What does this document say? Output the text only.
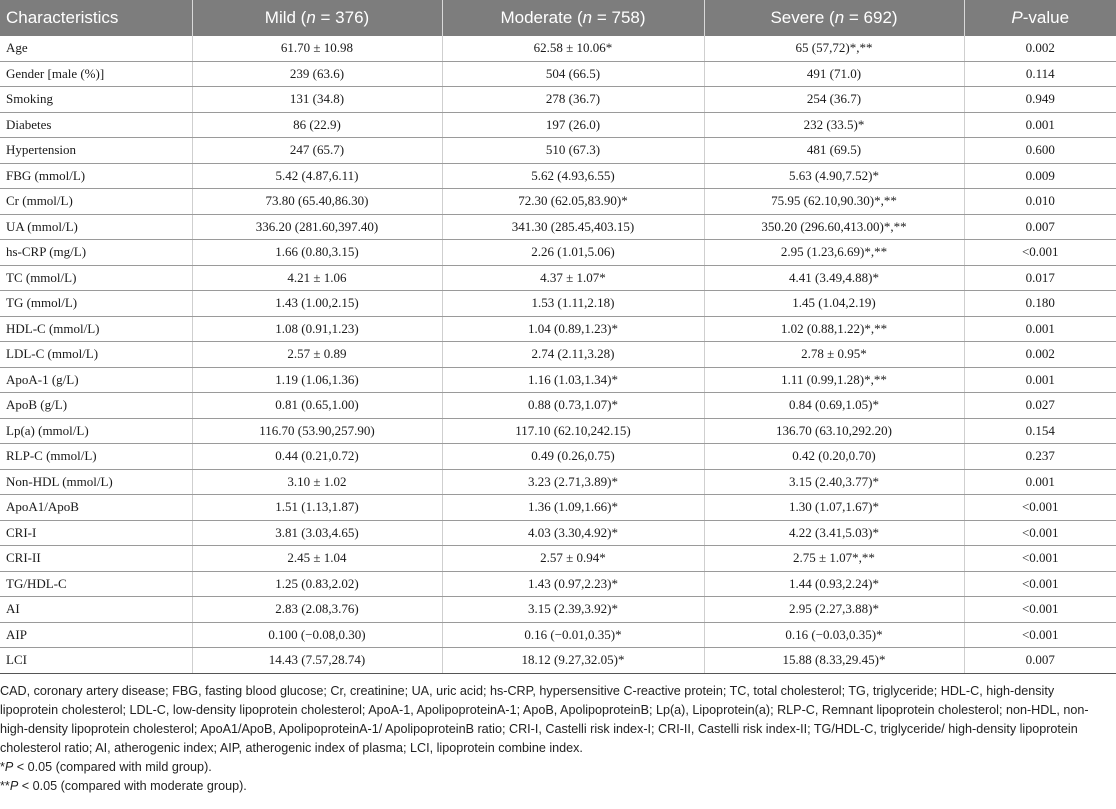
Characteristics	Mild (n = 376)	Moderate (n = 758)	Severe (n = 692)	P-value
Age	61.70 ± 10.98	62.58 ± 10.06*	65 (57,72)*,**	0.002
Gender [male (%)]	239 (63.6)	504 (66.5)	491 (71.0)	0.114
Smoking	131 (34.8)	278 (36.7)	254 (36.7)	0.949
Diabetes	86 (22.9)	197 (26.0)	232 (33.5)*	0.001
Hypertension	247 (65.7)	510 (67.3)	481 (69.5)	0.600
FBG (mmol/L)	5.42 (4.87,6.11)	5.62 (4.93,6.55)	5.63 (4.90,7.52)*	0.009
Cr (mmol/L)	73.80 (65.40,86.30)	72.30 (62.05,83.90)*	75.95 (62.10,90.30)*,**	0.010
UA (mmol/L)	336.20 (281.60,397.40)	341.30 (285.45,403.15)	350.20 (296.60,413.00)*,**	0.007
hs-CRP (mg/L)	1.66 (0.80,3.15)	2.26 (1.01,5.06)	2.95 (1.23,6.69)*,**	<0.001
TC (mmol/L)	4.21 ± 1.06	4.37 ± 1.07*	4.41 (3.49,4.88)*	0.017
TG (mmol/L)	1.43 (1.00,2.15)	1.53 (1.11,2.18)	1.45 (1.04,2.19)	0.180
HDL-C (mmol/L)	1.08 (0.91,1.23)	1.04 (0.89,1.23)*	1.02 (0.88,1.22)*,**	0.001
LDL-C (mmol/L)	2.57 ± 0.89	2.74 (2.11,3.28)	2.78 ± 0.95*	0.002
ApoA-1 (g/L)	1.19 (1.06,1.36)	1.16 (1.03,1.34)*	1.11 (0.99,1.28)*,**	0.001
ApoB (g/L)	0.81 (0.65,1.00)	0.88 (0.73,1.07)*	0.84 (0.69,1.05)*	0.027
Lp(a) (mmol/L)	116.70 (53.90,257.90)	117.10 (62.10,242.15)	136.70 (63.10,292.20)	0.154
RLP-C (mmol/L)	0.44 (0.21,0.72)	0.49 (0.26,0.75)	0.42 (0.20,0.70)	0.237
Non-HDL (mmol/L)	3.10 ± 1.02	3.23 (2.71,3.89)*	3.15 (2.40,3.77)*	0.001
ApoA1/ApoB	1.51 (1.13,1.87)	1.36 (1.09,1.66)*	1.30 (1.07,1.67)*	<0.001
CRI-I	3.81 (3.03,4.65)	4.03 (3.30,4.92)*	4.22 (3.41,5.03)*	<0.001
CRI-II	2.45 ± 1.04	2.57 ± 0.94*	2.75 ± 1.07*,**	<0.001
TG/HDL-C	1.25 (0.83,2.02)	1.43 (0.97,2.23)*	1.44 (0.93,2.24)*	<0.001
AI	2.83 (2.08,3.76)	3.15 (2.39,3.92)*	2.95 (2.27,3.88)*	<0.001
AIP	0.100 (−0.08,0.30)	0.16 (−0.01,0.35)*	0.16 (−0.03,0.35)*	<0.001
LCI	14.43 (7.57,28.74)	18.12 (9.27,32.05)*	15.88 (8.33,29.45)*	0.007

CAD, coronary artery disease; FBG, fasting blood glucose; Cr, creatinine; UA, uric acid; hs-CRP, hypersensitive C-reactive protein; TC, total cholesterol; TG, triglyceride; HDL-C, high-density lipoprotein cholesterol; LDL-C, low-density lipoprotein cholesterol; ApoA-1, ApolipoproteinA-1; ApoB, ApolipoproteinB; Lp(a), Lipoprotein(a); RLP-C, Remnant lipoprotein cholesterol; non-HDL, non-high-density lipoprotein cholesterol; ApoA1/ApoB, ApolipoproteinA-1/ ApolipoproteinB ratio; CRI-I, Castelli risk index-I; CRI-II, Castelli risk index-II; TG/HDL-C, triglyceride/ high-density lipoprotein cholesterol ratio; AI, atherogenic index; AIP, atherogenic index of plasma; LCI, lipoprotein combine index.

*P < 0.05 (compared with mild group).

**P < 0.05 (compared with moderate group).
